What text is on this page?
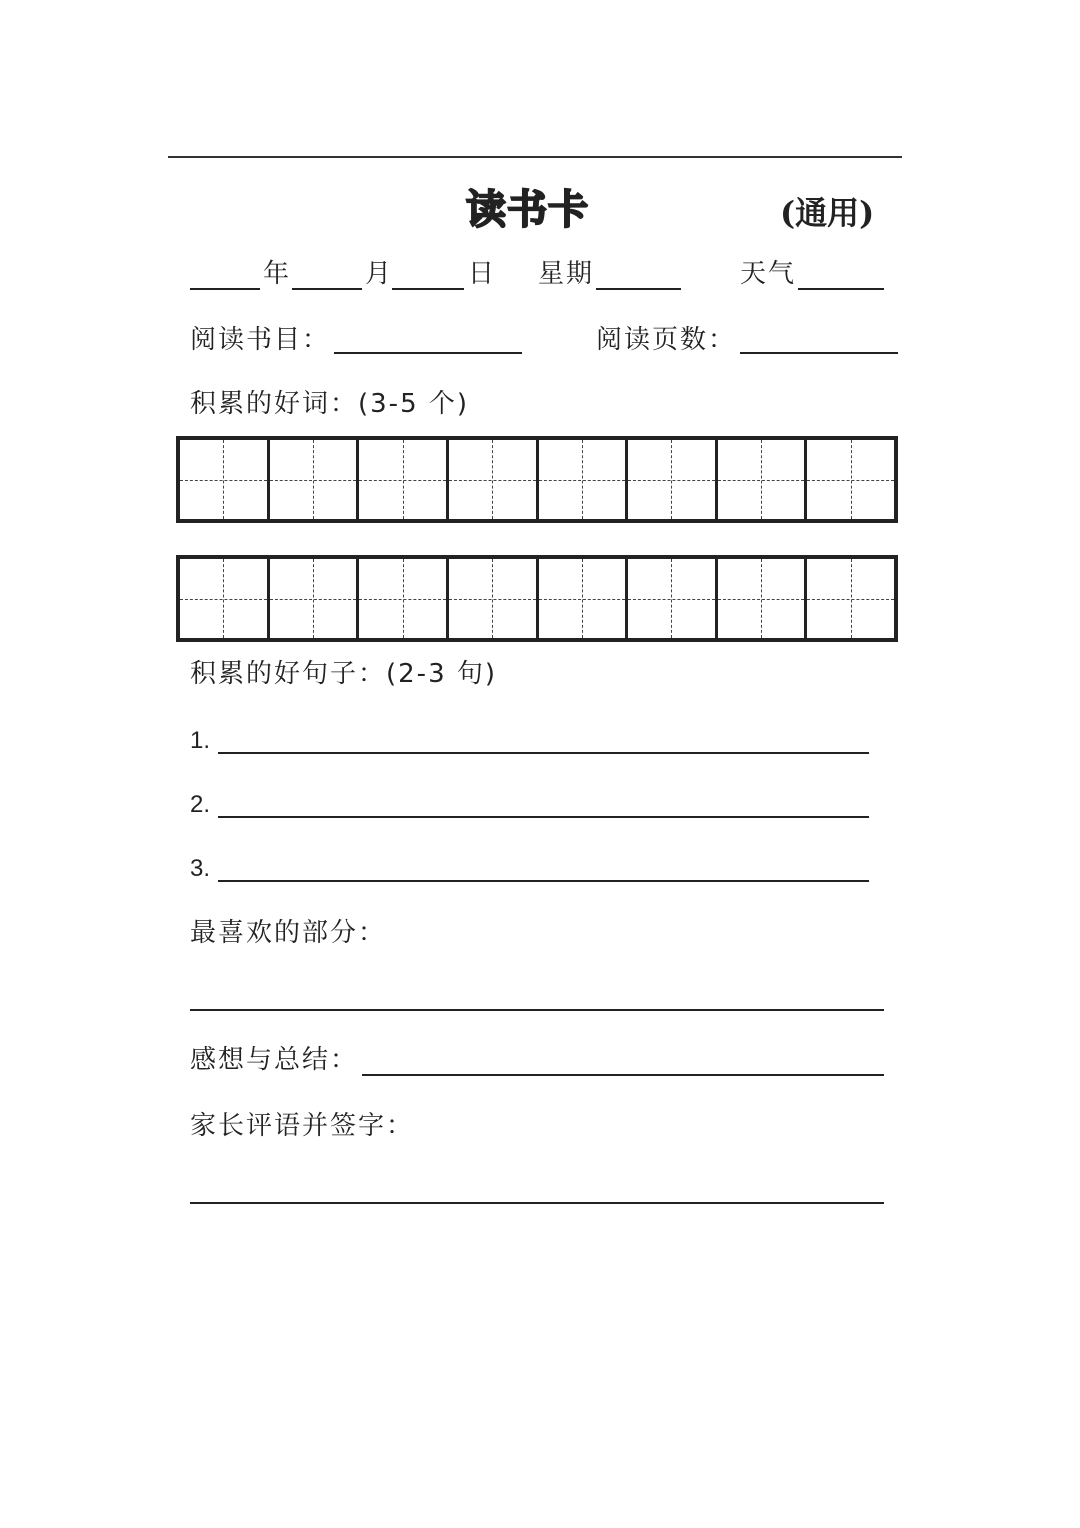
读书卡	(通用)
年	月	日 星期	天气
阅读书目：	阅读页数：
积累的好词：(3-5 个)
积累的好句子：(2-3 句)
1.
2.
3.
最喜欢的部分：
感想与总结：
家长评语并签字：
